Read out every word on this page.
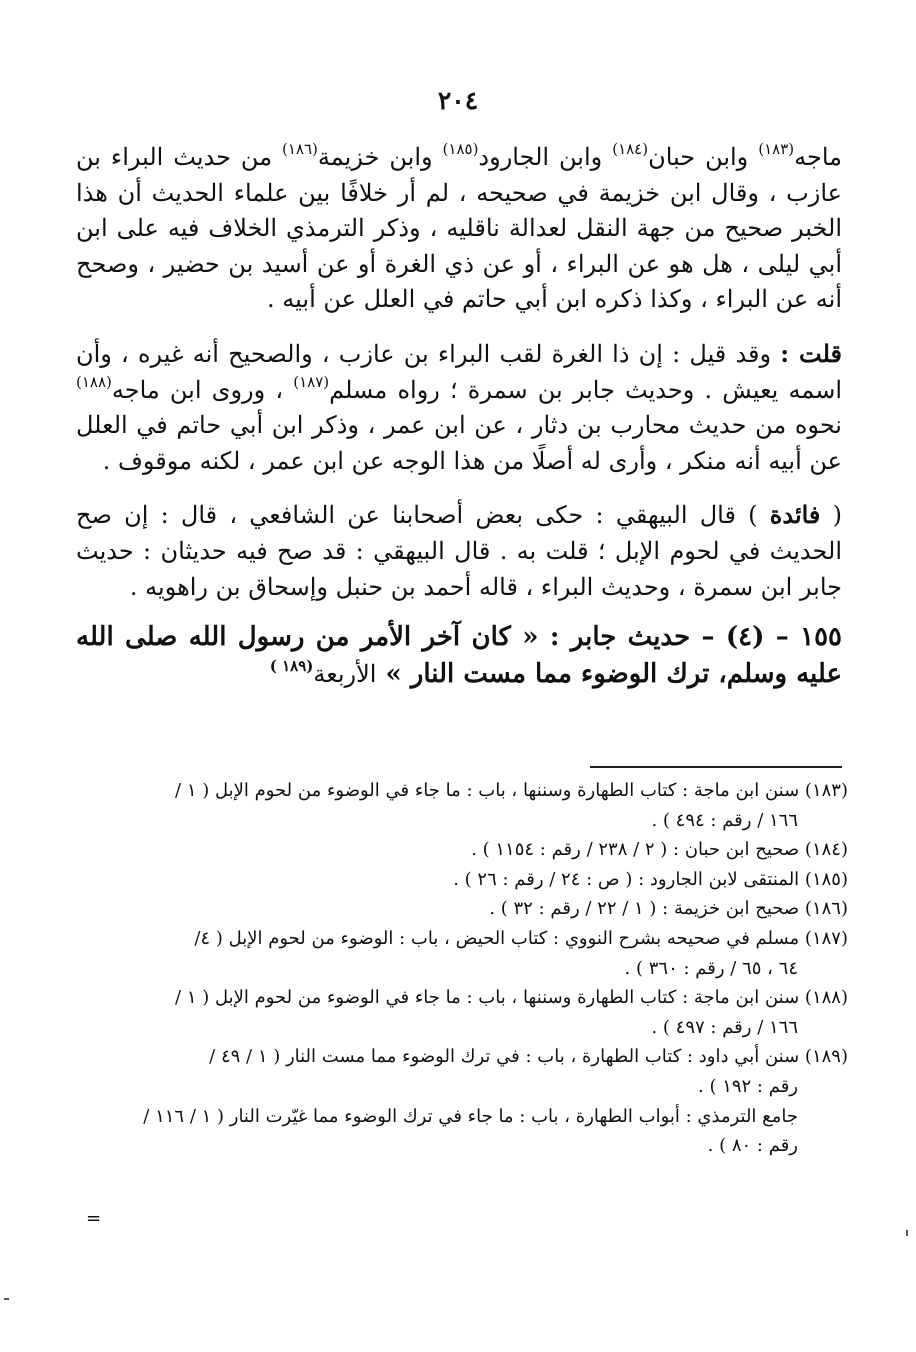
٢٠٤

ماجه$^{(١٨٣)}$ وابن حبان$^{(١٨٤)}$ وابن الجارود$^{(١٨٥)}$ وابن خزيمة$^{(١٨٦)}$ من حديث البراء بن عازب ، وقال ابن خزيمة في صحيحه ، لم أر خلافًا بين علماء الحديث أن هذا الخبر صحيح من جهة النقل لعدالة ناقليه ، وذكر الترمذي الخلاف فيه على ابن أبي ليلى ، هل هو عن البراء ، أو عن ذي الغرة أو عن أسيد بن حضير ، وصحح أنه عن البراء ، وكذا ذكره ابن أبي حاتم في العلل عن أبيه .

قلت : وقد قيل : إن ذا الغرة لقب البراء بن عازب ، والصحيح أنه غيره ، وأن اسمه يعيش . وحديث جابر بن سمرة ؛ رواه مسلم$^{(١٨٧)}$ ، وروى ابن ماجه$^{(١٨٨)}$ نحوه من حديث محارب بن دثار ، عن ابن عمر ، وذكر ابن أبي حاتم في العلل عن أبيه أنه منكر ، وأرى له أصلًا من هذا الوجه عن ابن عمر ، لكنه موقوف .

( فائدة ) قال البيهقي : حكى بعض أصحابنا عن الشافعي ، قال : إن صح الحديث في لحوم الإبل ؛ قلت به . قال البيهقي : قد صح فيه حديثان : حديث جابر ابن سمرة ، وحديث البراء ، قاله أحمد بن حنبل وإسحاق بن راهويه .

١٥٥ – (٤) – حديث جابر : « كان آخر الأمر من رسول الله صلى الله عليه وسلم، ترك الوضوء مما مست النار » الأربعة$^{(١٨٩ )}$

(١٨٣) سنن ابن ماجة : كتاب الطهارة وسننها ، باب : ما جاء في الوضوء من لحوم الإبل ( ١ /

١٦٦ / رقم : ٤٩٤ ) .

(١٨٤) صحيح ابن حبان : ( ٢ / ٢٣٨ / رقم : ١١٥٤ ) .

(١٨٥) المنتقى لابن الجارود : ( ص : ٢٤ / رقم : ٢٦ ) .

(١٨٦) صحيح ابن خزيمة : ( ١ / ٢٢ / رقم : ٣٢ ) .

(١٨٧) مسلم في صحيحه بشرح النووي : كتاب الحيض ، باب : الوضوء من لحوم الإبل ( ٤/

٦٤ ، ٦٥ / رقم : ٣٦٠ ) .

(١٨٨) سنن ابن ماجة : كتاب الطهارة وسننها ، باب : ما جاء في الوضوء من لحوم الإبل ( ١ /

١٦٦ / رقم : ٤٩٧ ) .

(١٨٩) سنن أبي داود : كتاب الطهارة ، باب : في ترك الوضوء مما مست النار ( ١ / ٤٩ /

رقم : ١٩٢ ) .

جامع الترمذي : أبواب الطهارة ، باب : ما جاء في ترك الوضوء مما غيّرت النار ( ١ / ١١٦ /

رقم : ٨٠ ) .

=
